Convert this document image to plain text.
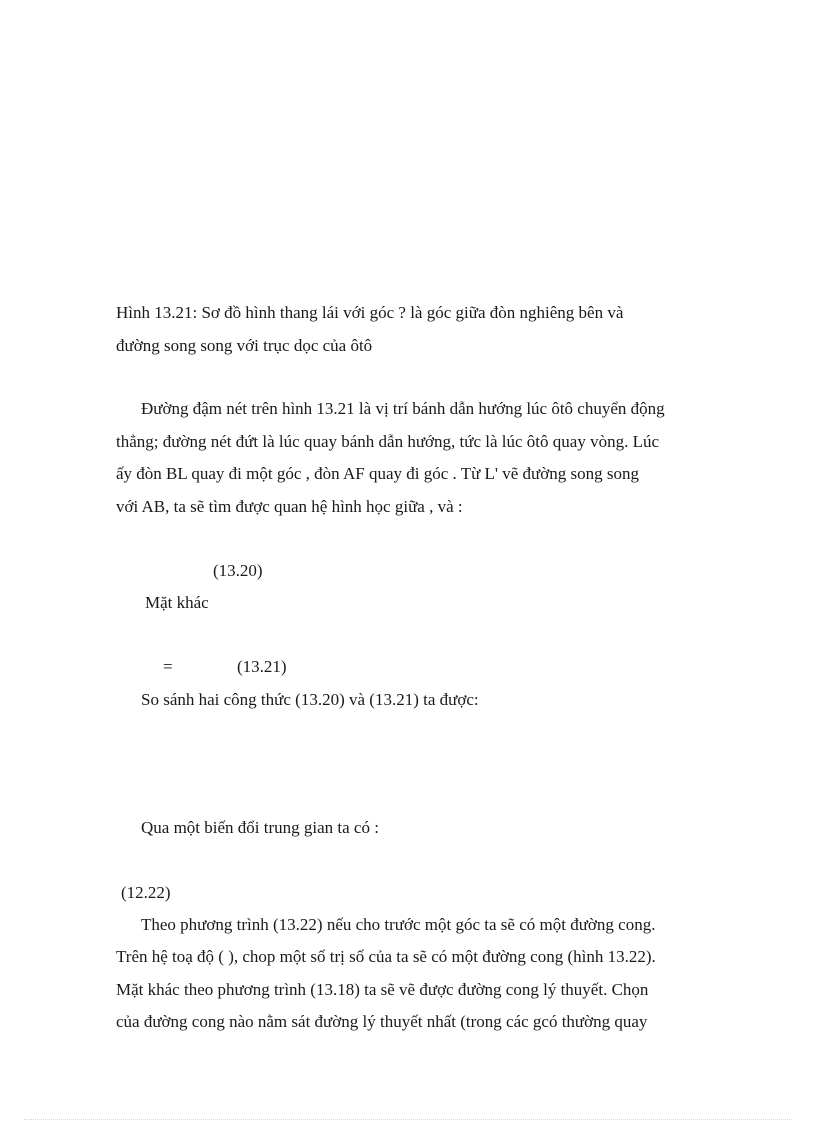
Hình 13.21: Sơ đồ hình thang lái với góc ? là góc giữa đòn nghiêng bên và
đường song song với trục dọc của ôtô
Đường đậm nét trên hình 13.21 là vị trí bánh dẫn hướng lúc ôtô chuyển động
thẳng; đường nét đứt là lúc quay bánh dẫn hướng, tức là lúc ôtô quay vòng. Lúc
ấy đòn BL quay đi một góc , đòn AF quay đi góc . Từ L' vẽ đường song song
với AB, ta sẽ tìm được quan hệ hình học giữa , và :
(13.20)
Mặt khác
=	(13.21)
So sánh hai công thức (13.20) và (13.21) ta được:
Qua một biến đổi trung gian ta có :
(12.22)
Theo phương trình (13.22) nếu cho trước một góc ta sẽ có một đường cong.
Trên hệ toạ độ ( ), chop một số trị số của ta sẽ có một đường cong (hình 13.22).
Mặt khác theo phương trình (13.18) ta sẽ vẽ được đường cong lý thuyết. Chọn
của đường cong nào nằm sát đường lý thuyết nhất (trong các gcó thường quay
